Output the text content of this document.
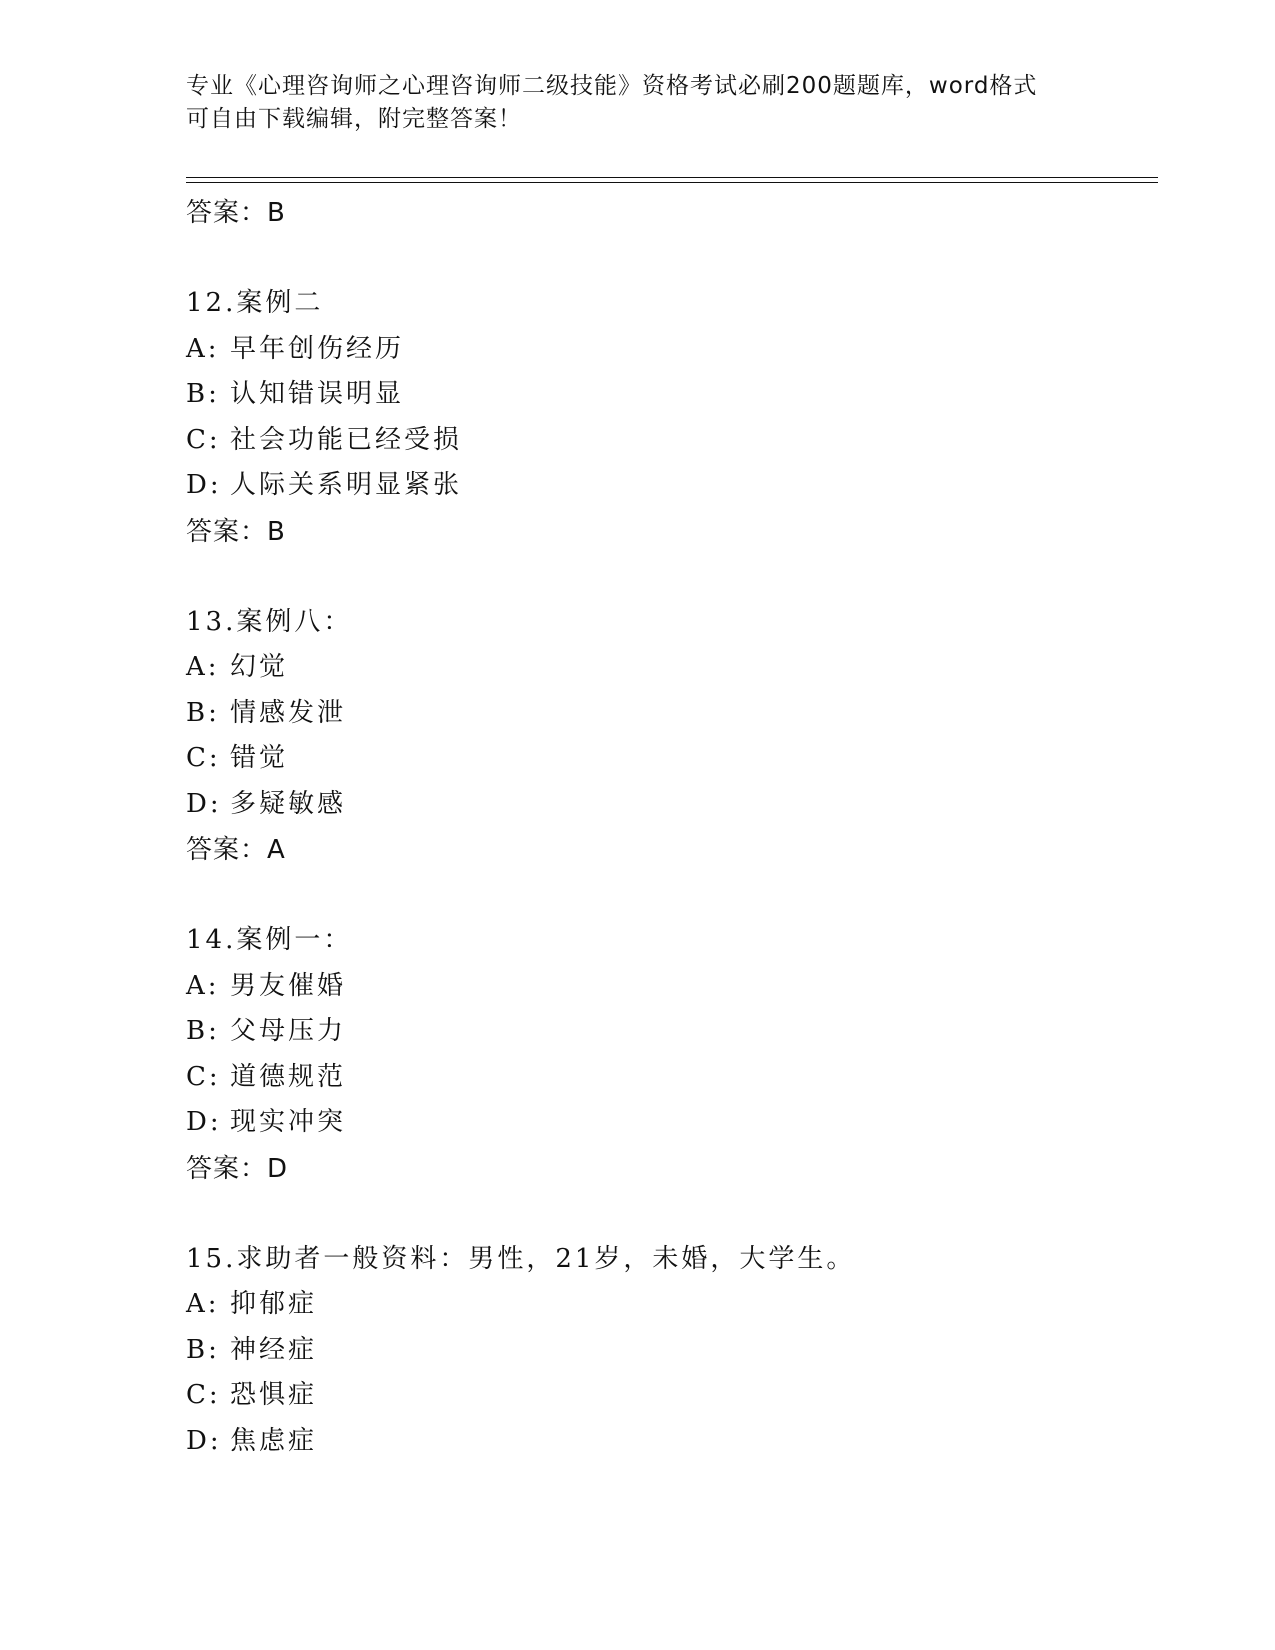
专业《心理咨询师之心理咨询师二级技能》资格考试必刷200题题库，word格式
可自由下载编辑，附完整答案！
答案：B
12.案例二
A: 早年创伤经历
B: 认知错误明显
C: 社会功能已经受损
D: 人际关系明显紧张
答案：B
13.案例八：
A: 幻觉
B: 情感发泄
C: 错觉
D: 多疑敏感
答案：A
14.案例一：
A: 男友催婚
B: 父母压力
C: 道德规范
D: 现实冲突
答案：D
15.求助者一般资料：男性，21岁，未婚，大学生。
A: 抑郁症
B: 神经症
C: 恐惧症
D: 焦虑症
